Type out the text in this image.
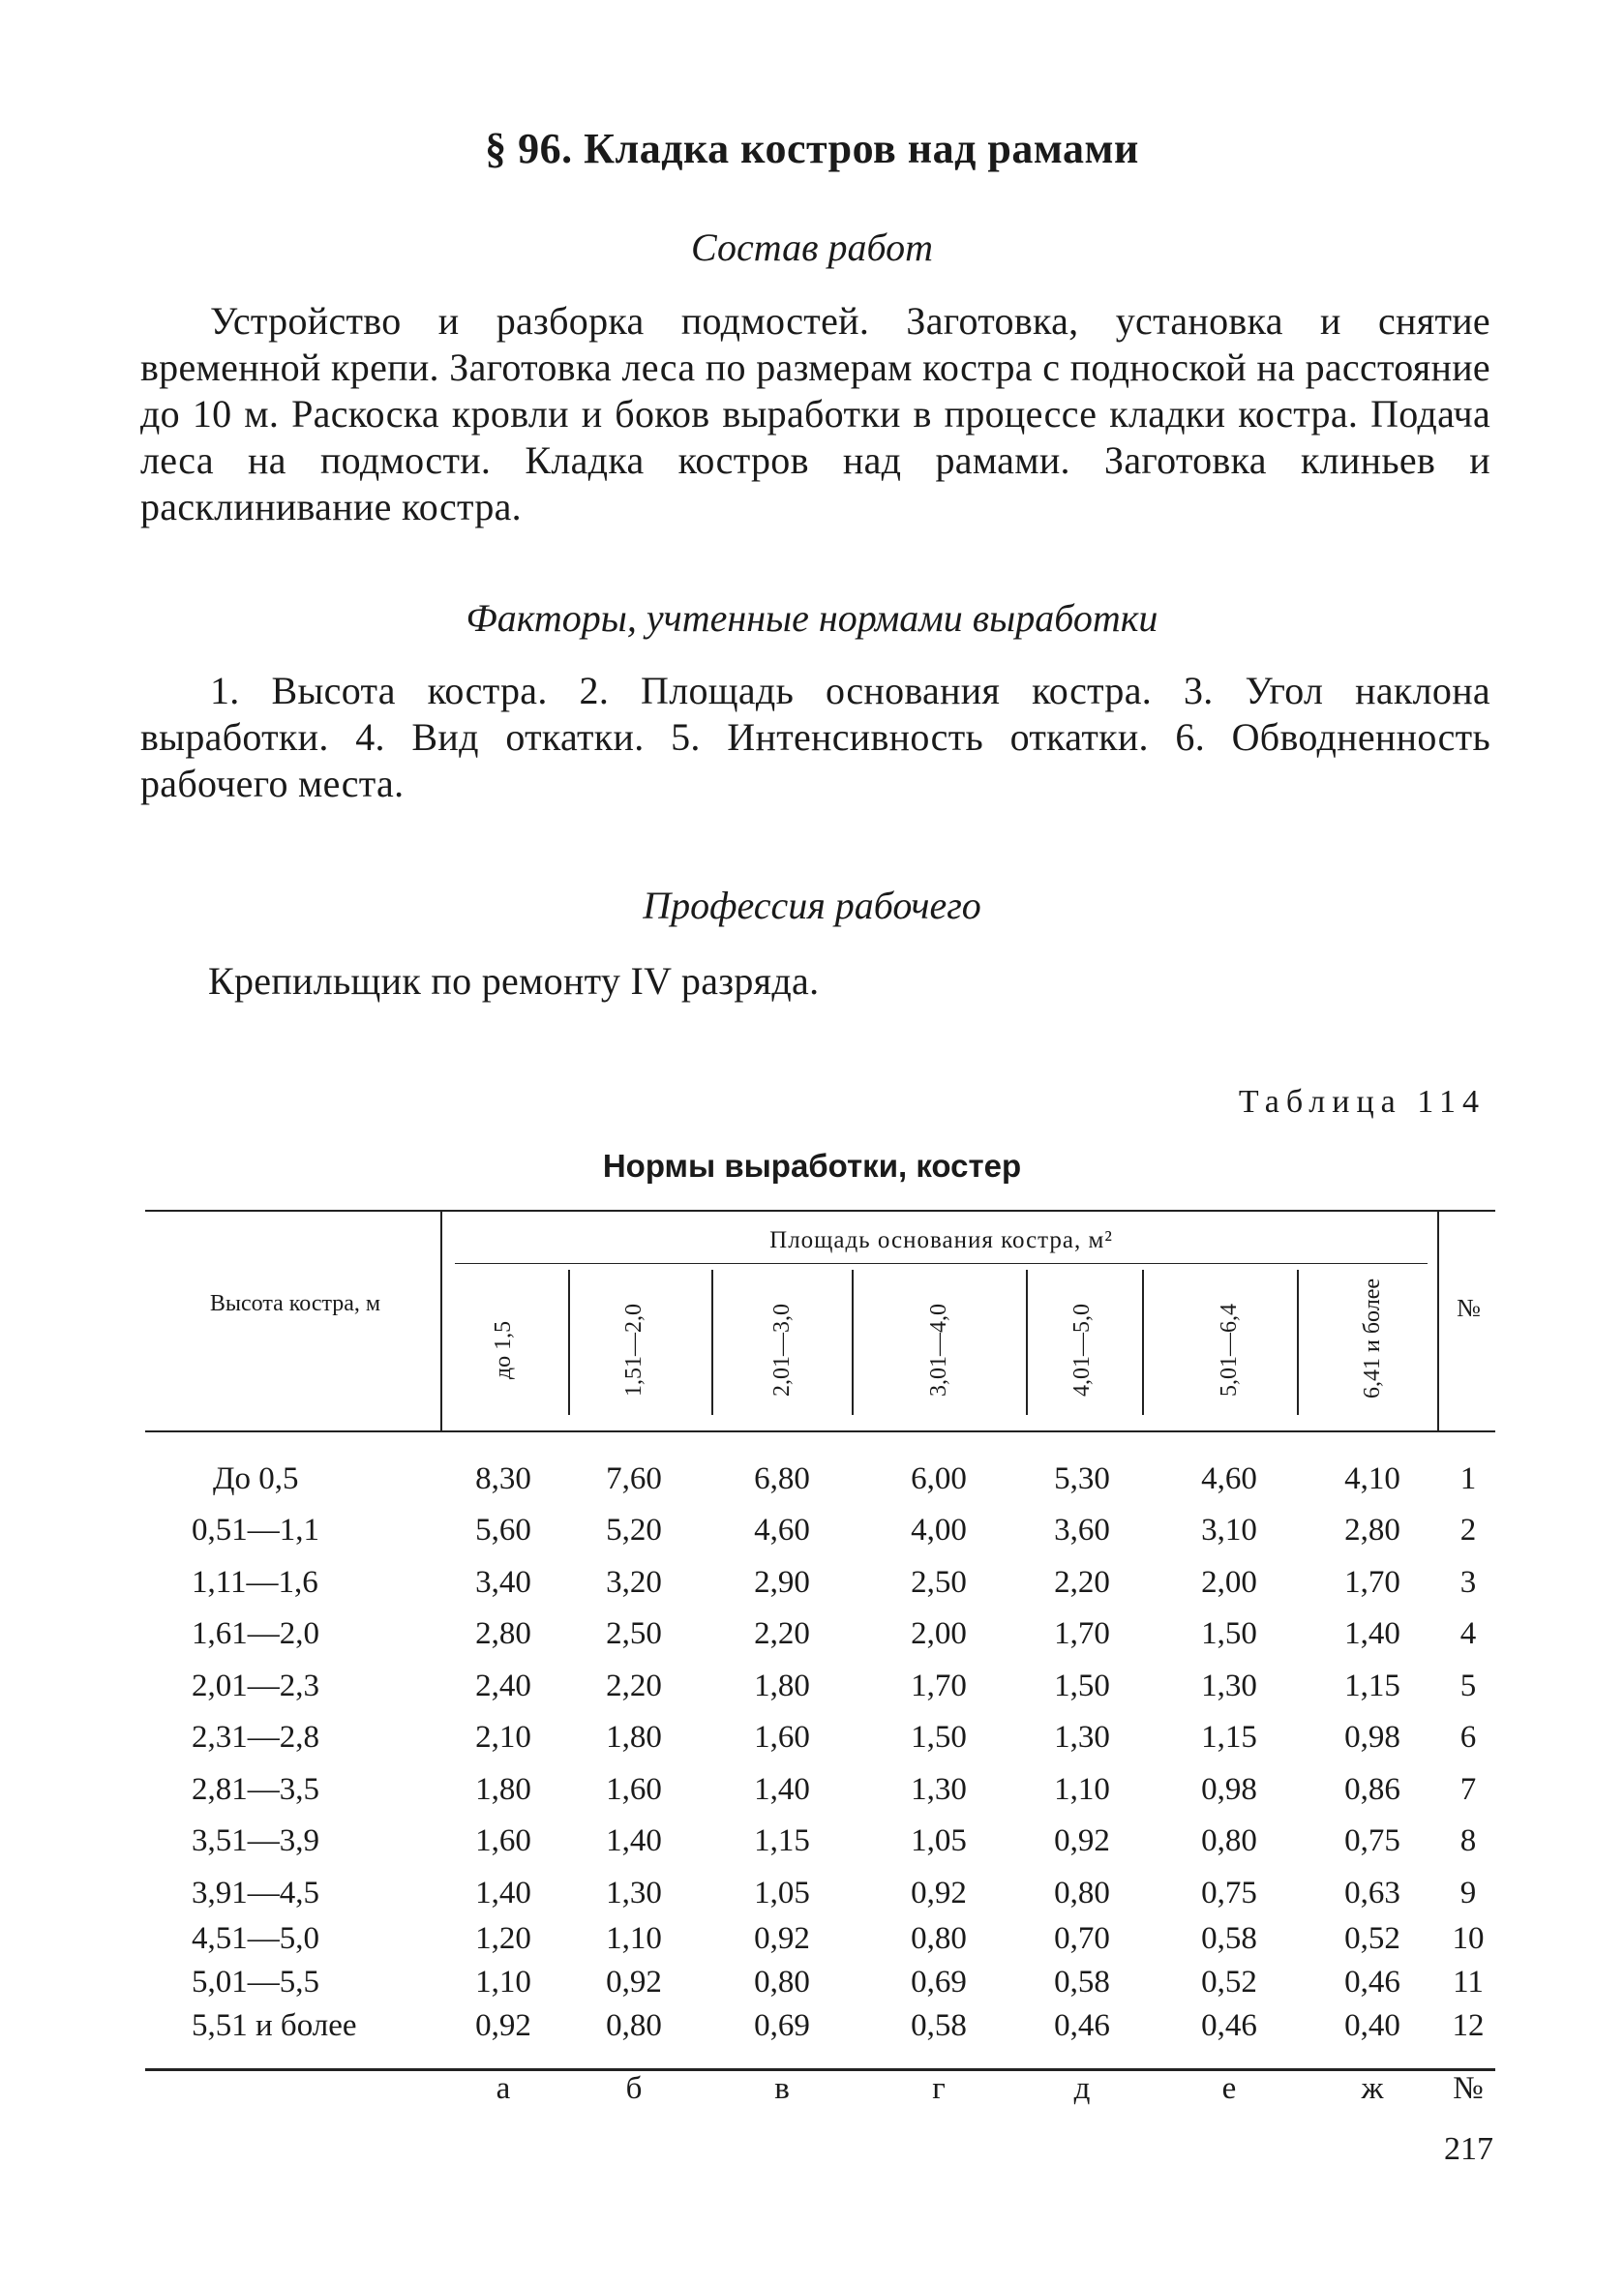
§ 96. Кладка костров над рамами
Состав работ
Устройство и разборка подмостей. Заготовка, установка и снятие временной крепи. Заготовка леса по размерам костра с подноской на расстояние до 10 м. Раскоска кровли и боков выработки в процессе кладки костра. Подача леса на подмости. Кладка костров над рамами. Заготовка клиньев и расклинивание костра.
Факторы, учтенные нормами выработки
1. Высота костра. 2. Площадь основания костра. 3. Угол наклона выработки. 4. Вид откатки. 5. Интенсивность откатки. 6. Обводненность рабочего места.
Профессия рабочего
Крепильщик по ремонту IV разряда.
Таблица 114
Нормы выработки, костер
Высота костра, м
Площадь основания костра, м²
№
до 1,5	1,51—2,0	2,01—3,0	3,01—4,0	4,01—5,0	5,01—6,4	6,41 и более
До 0,5	8,30	7,60	6,80	6,00	5,30	4,60	4,10	1
0,51—1,1	5,60	5,20	4,60	4,00	3,60	3,10	2,80	2
1,11—1,6	3,40	3,20	2,90	2,50	2,20	2,00	1,70	3
1,61—2,0	2,80	2,50	2,20	2,00	1,70	1,50	1,40	4
2,01—2,3	2,40	2,20	1,80	1,70	1,50	1,30	1,15	5
2,31—2,8	2,10	1,80	1,60	1,50	1,30	1,15	0,98	6
2,81—3,5	1,80	1,60	1,40	1,30	1,10	0,98	0,86	7
3,51—3,9	1,60	1,40	1,15	1,05	0,92	0,80	0,75	8
3,91—4,5	1,40	1,30	1,05	0,92	0,80	0,75	0,63	9
4,51—5,0	1,20	1,10	0,92	0,80	0,70	0,58	0,52	10
5,01—5,5	1,10	0,92	0,80	0,69	0,58	0,52	0,46	11
5,51 и более	0,92	0,80	0,69	0,58	0,46	0,46	0,40	12
а	б	в	г	д	е	ж	№
217
